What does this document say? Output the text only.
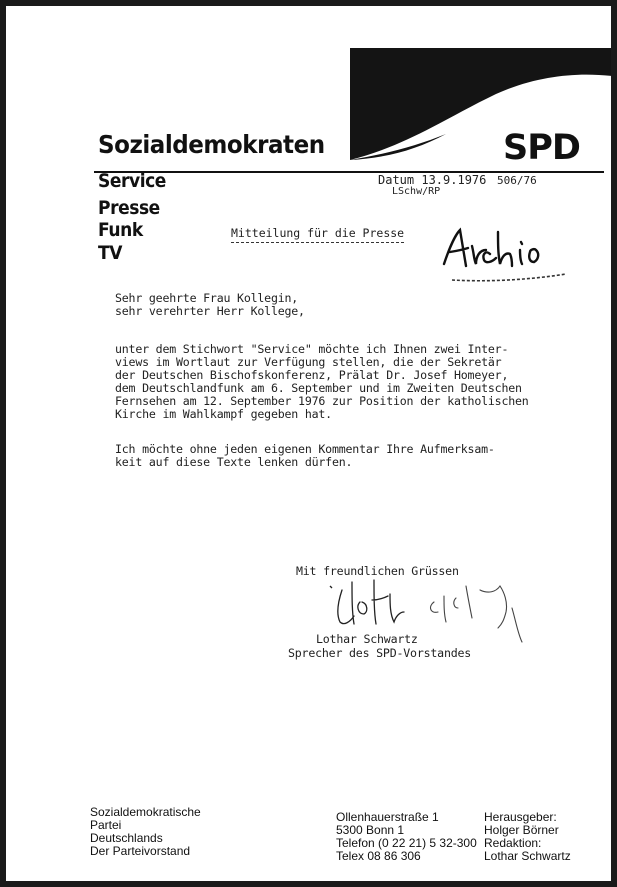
Sozialdemokraten	SPD
Service
Presse
Funk
TV
Datum 13.9.1976
LSchw/RP
506/76
Mitteilung für die Presse
Sehr geehrte Frau Kollegin,
sehr verehrter Herr Kollege,
unter dem Stichwort "Service" möchte ich Ihnen zwei Inter-
views im Wortlaut zur Verfügung stellen, die der Sekretär
der Deutschen Bischofskonferenz, Prälat Dr. Josef Homeyer,
dem Deutschlandfunk am 6. September und im Zweiten Deutschen
Fernsehen am 12. September 1976 zur Position der katholischen
Kirche im Wahlkampf gegeben hat.
Ich möchte ohne jeden eigenen Kommentar Ihre Aufmerksam-
keit auf diese Texte lenken dürfen.
Mit freundlichen Grüssen
Lothar Schwartz
Sprecher des SPD-Vorstandes
Sozialdemokratische
Partei
Deutschlands
Der Parteivorstand
Ollenhauerstraße 1
5300 Bonn 1
Telefon (0 22 21) 5 32-300
Telex 08 86 306
Herausgeber:
Holger Börner
Redaktion:
Lothar Schwartz
